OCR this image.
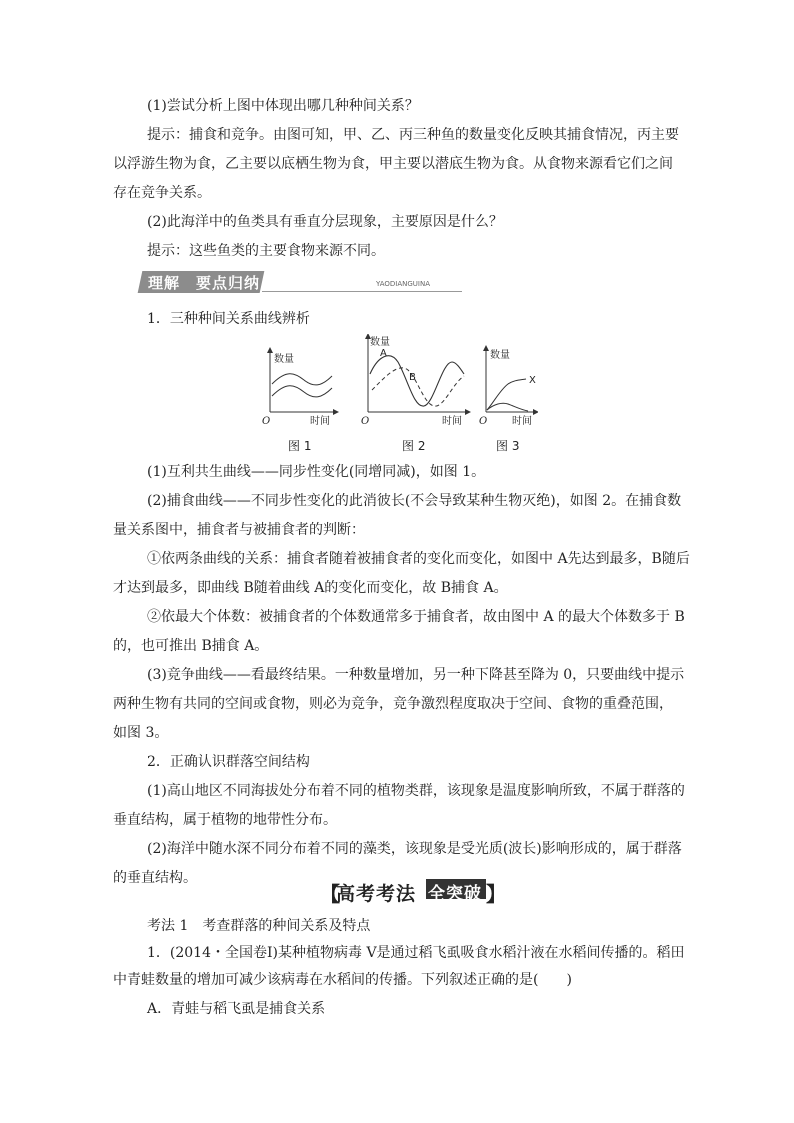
(1)尝试分析上图中体现出哪几种种间关系？
提示：捕食和竞争。由图可知，甲、乙、丙三种鱼的数量变化反映其捕食情况，丙主要
以浮游生物为食，乙主要以底栖生物为食，甲主要以潜底生物为食。从食物来源看它们之间
存在竞争关系。
(2)此海洋中的鱼类具有垂直分层现象，主要原因是什么？
提示：这些鱼类的主要食物来源不同。
理解 要点归纳	YAODIANGUINA
1．三种种间关系曲线辨析
数量
O	时间
图 1
数量
O	时间
A
B
图 2
数量
O 时间
X
图 3
(1)互利共生曲线——同步性变化(同增同减)，如图 1。
(2)捕食曲线——不同步性变化的此消彼长(不会导致某种生物灭绝)，如图 2。在捕食数
量关系图中，捕食者与被捕食者的判断：
①依两条曲线的关系：捕食者随着被捕食者的变化而变化，如图中 A先达到最多，B随后
才达到最多，即曲线 B随着曲线 A的变化而变化，故 B捕食 A。
②依最大个体数：被捕食者的个体数通常多于捕食者，故由图中 A 的最大个体数多于 B
的，也可推出 B捕食 A。
(3)竞争曲线——看最终结果。一种数量增加，另一种下降甚至降为 0，只要曲线中提示
两种生物有共同的空间或食物，则必为竞争，竞争激烈程度取决于空间、食物的重叠范围，
如图 3。
2．正确认识群落空间结构
(1)高山地区不同海拔处分布着不同的植物类群，该现象是温度影响所致，不属于群落的
垂直结构，属于植物的地带性分布。
(2)海洋中随水深不同分布着不同的藻类，该现象是受光质(波长)影响形成的，属于群落
的垂直结构。
【
高考考法 全突破 】
考法 1　考查群落的种间关系及特点
1．(2014・全国卷Ⅰ)某种植物病毒 V是通过稻飞虱吸食水稻汁液在水稻间传播的。稻田
中青蛙数量的增加可减少该病毒在水稻间的传播。下列叙述正确的是(　　)
A．青蛙与稻飞虱是捕食关系
